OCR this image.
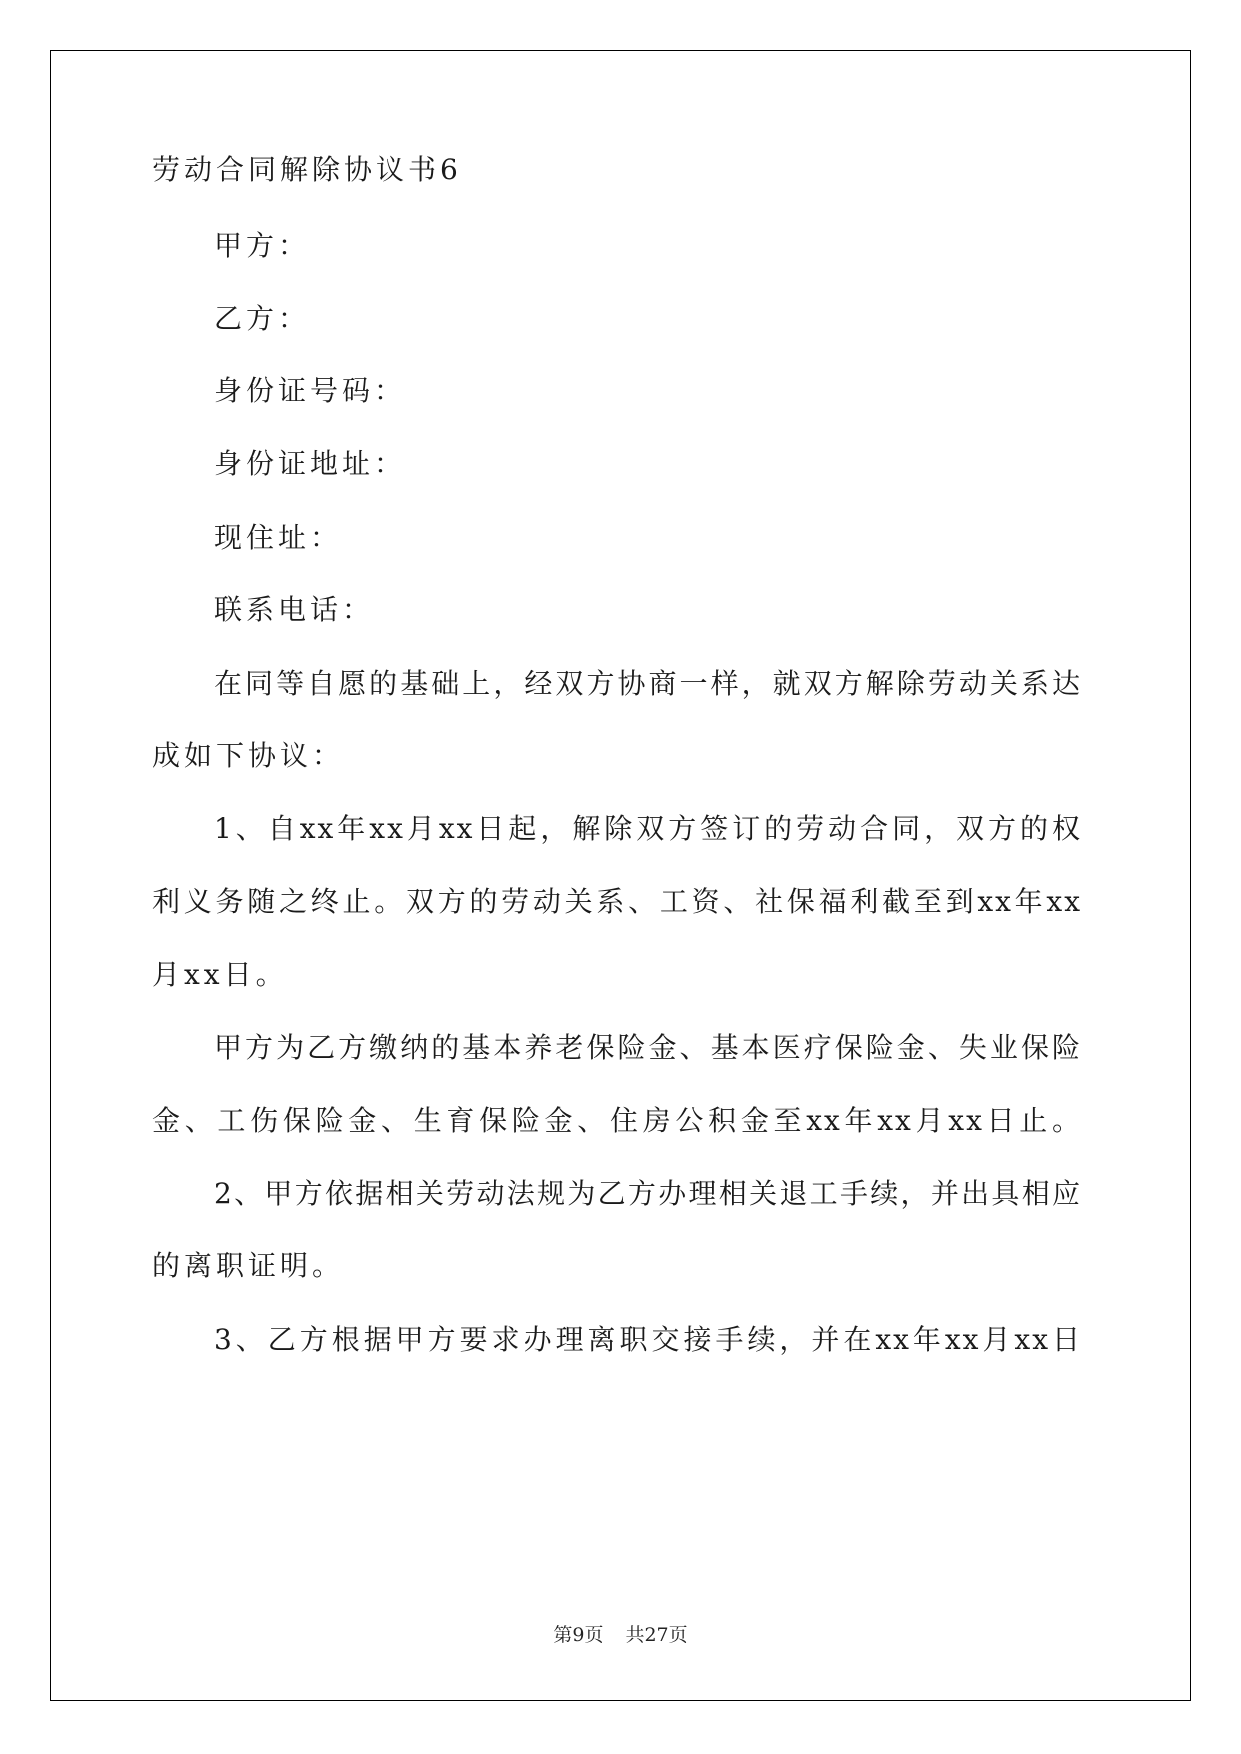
劳动合同解除协议书6
甲方：
乙方：
身份证号码：
身份证地址：
现住址：
联系电话：
在同等自愿的基础上，经双方协商一样，就双方解除劳动关系达
成如下协议：
1、自xx年xx月xx日起，解除双方签订的劳动合同，双方的权
利义务随之终止。双方的劳动关系、工资、社保福利截至到xx年xx
月xx日。
甲方为乙方缴纳的基本养老保险金、基本医疗保险金、失业保险
金、工伤保险金、生育保险金、住房公积金至xx年xx月xx日止。
2、甲方依据相关劳动法规为乙方办理相关退工手续，并出具相应
的离职证明。
3、乙方根据甲方要求办理离职交接手续，并在xx年xx月xx日
第9页 共27页
